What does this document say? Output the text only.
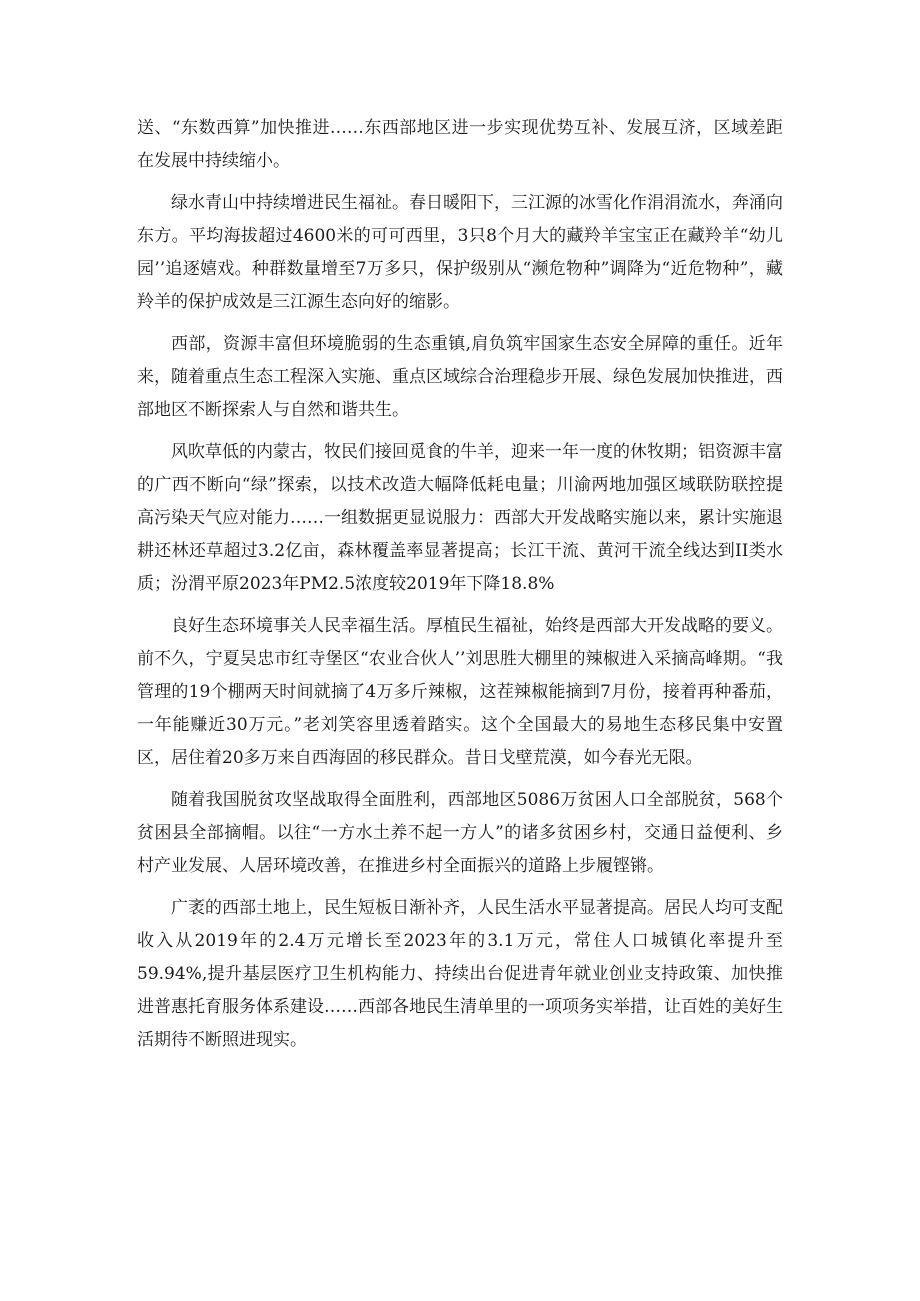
送、“东数西算”加快推进……东西部地区进一步实现优势互补、发展互济，区域差距在发展中持续缩小。

绿水青山中持续增进民生福祉。春日暖阳下，三江源的冰雪化作涓涓流水，奔涌向东方。平均海拔超过4600米的可可西里，3只8个月大的藏羚羊宝宝正在藏羚羊“幼儿园’’追逐嬉戏。种群数量增至7万多只，保护级别从“濒危物种”调降为“近危物种”，藏羚羊的保护成效是三江源生态向好的缩影。

西部，资源丰富但环境脆弱的生态重镇,肩负筑牢国家生态安全屏障的重任。近年来，随着重点生态工程深入实施、重点区域综合治理稳步开展、绿色发展加快推进，西部地区不断探索人与自然和谐共生。

风吹草低的内蒙古，牧民们接回觅食的牛羊，迎来一年一度的休牧期；铝资源丰富的广西不断向“绿”探索，以技术改造大幅降低耗电量；川渝两地加强区域联防联控提高污染天气应对能力……一组数据更显说服力：西部大开发战略实施以来，累计实施退耕还林还草超过3.2亿亩，森林覆盖率显著提高；长江干流、黄河干流全线达到II类水质；汾渭平原2023年PM2.5浓度较2019年下降18.8%

良好生态环境事关人民幸福生活。厚植民生福祉，始终是西部大开发战略的要义。前不久，宁夏吴忠市红寺堡区“农业合伙人’’刘思胜大棚里的辣椒进入采摘高峰期。“我管理的19个棚两天时间就摘了4万多斤辣椒，这茬辣椒能摘到7月份，接着再种番茄，一年能赚近30万元。”老刘笑容里透着踏实。这个全国最大的易地生态移民集中安置区，居住着20多万来自西海固的移民群众。昔日戈壁荒漠，如今春光无限。

随着我国脱贫攻坚战取得全面胜利，西部地区5086万贫困人口全部脱贫，568个贫困县全部摘帽。以往“一方水土养不起一方人”的诸多贫困乡村，交通日益便利、乡村产业发展、人居环境改善，在推进乡村全面振兴的道路上步履铿锵。

广袤的西部土地上，民生短板日渐补齐，人民生活水平显著提高。居民人均可支配收入从2019年的2.4万元增长至2023年的3.1万元，常住人口城镇化率提升至59.94%,提升基层医疗卫生机构能力、持续出台促进青年就业创业支持政策、加快推进普惠托育服务体系建设……西部各地民生清单里的一项项务实举措，让百姓的美好生活期待不断照进现实。
